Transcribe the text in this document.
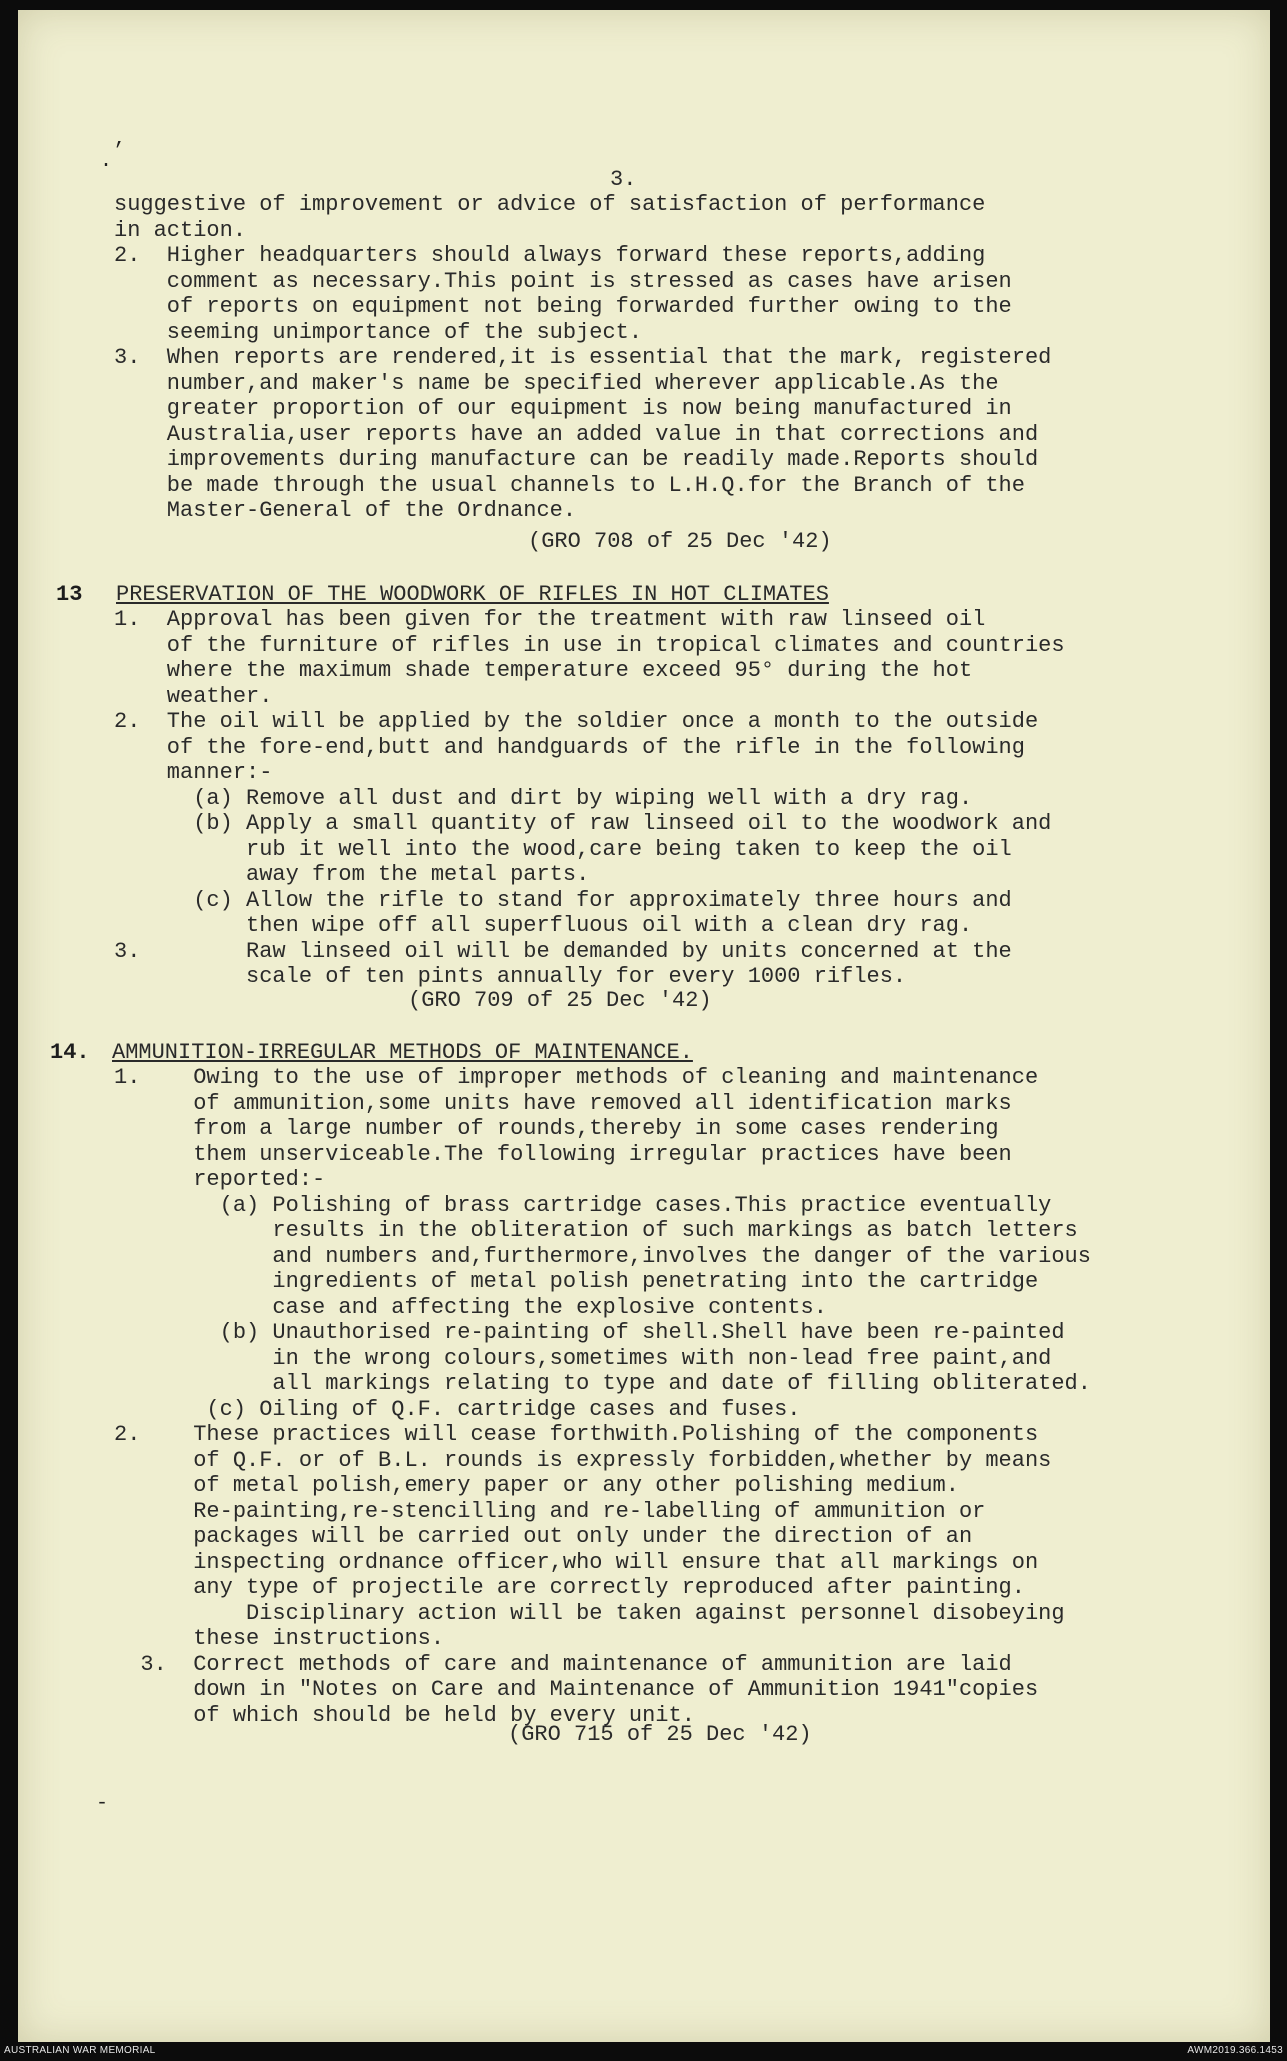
.
,
-

3.

suggestive of improvement or advice of satisfaction of performance
in action.
2.  Higher headquarters should always forward these reports,adding
comment as necessary.This point is stressed as cases have arisen
of reports on equipment not being forwarded further owing to the
seeming unimportance of the subject.
3.  When reports are rendered,it is essential that the mark, registered
number,and maker's name be specified wherever applicable.As the
greater proportion of our equipment is now being manufactured in
Australia,user reports have an added value in that corrections and
improvements during manufacture can be readily made.Reports should
be made through the usual channels to L.H.Q.for the Branch of the
Master-General of the Ordnance.

(GRO 708 of 25 Dec '42)

13

PRESERVATION OF THE WOODWORK OF RIFLES IN HOT CLIMATES

1.  Approval has been given for the treatment with raw linseed oil
of the furniture of rifles in use in tropical climates and countries
where the maximum shade temperature exceed 95° during the hot
weather.
2.  The oil will be applied by the soldier once a month to the outside
of the fore-end,butt and handguards of the rifle in the following
manner:-
(a) Remove all dust and dirt by wiping well with a dry rag.
(b) Apply a small quantity of raw linseed oil to the woodwork and
rub it well into the wood,care being taken to keep the oil
away from the metal parts.
(c) Allow the rifle to stand for approximately three hours and
then wipe off all superfluous oil with a clean dry rag.
3.        Raw linseed oil will be demanded by units concerned at the
scale of ten pints annually for every 1000 rifles.

(GRO 709 of 25 Dec '42)

14.

AMMUNITION-IRREGULAR METHODS OF MAINTENANCE.

1.    Owing to the use of improper methods of cleaning and maintenance
of ammunition,some units have removed all identification marks
from a large number of rounds,thereby in some cases rendering
them unserviceable.The following irregular practices have been
reported:-
(a) Polishing of brass cartridge cases.This practice eventually
results in the obliteration of such markings as batch letters
and numbers and,furthermore,involves the danger of the various
ingredients of metal polish penetrating into the cartridge
case and affecting the explosive contents.
(b) Unauthorised re-painting of shell.Shell have been re-painted
in the wrong colours,sometimes with non-lead free paint,and
all markings relating to type and date of filling obliterated.
(c) Oiling of Q.F. cartridge cases and fuses.
2.    These practices will cease forthwith.Polishing of the components
of Q.F. or of B.L. rounds is expressly forbidden,whether by means
of metal polish,emery paper or any other polishing medium.
Re-painting,re-stencilling and re-labelling of ammunition or
packages will be carried out only under the direction of an
inspecting ordnance officer,who will ensure that all markings on
any type of projectile are correctly reproduced after painting.
Disciplinary action will be taken against personnel disobeying
these instructions.
3.  Correct methods of care and maintenance of ammunition are laid
down in "Notes on Care and Maintenance of Ammunition 1941"copies
of which should be held by every unit.

(GRO 715 of 25 Dec '42)

AUSTRALIAN WAR MEMORIAL	AWM2019.366.1453
